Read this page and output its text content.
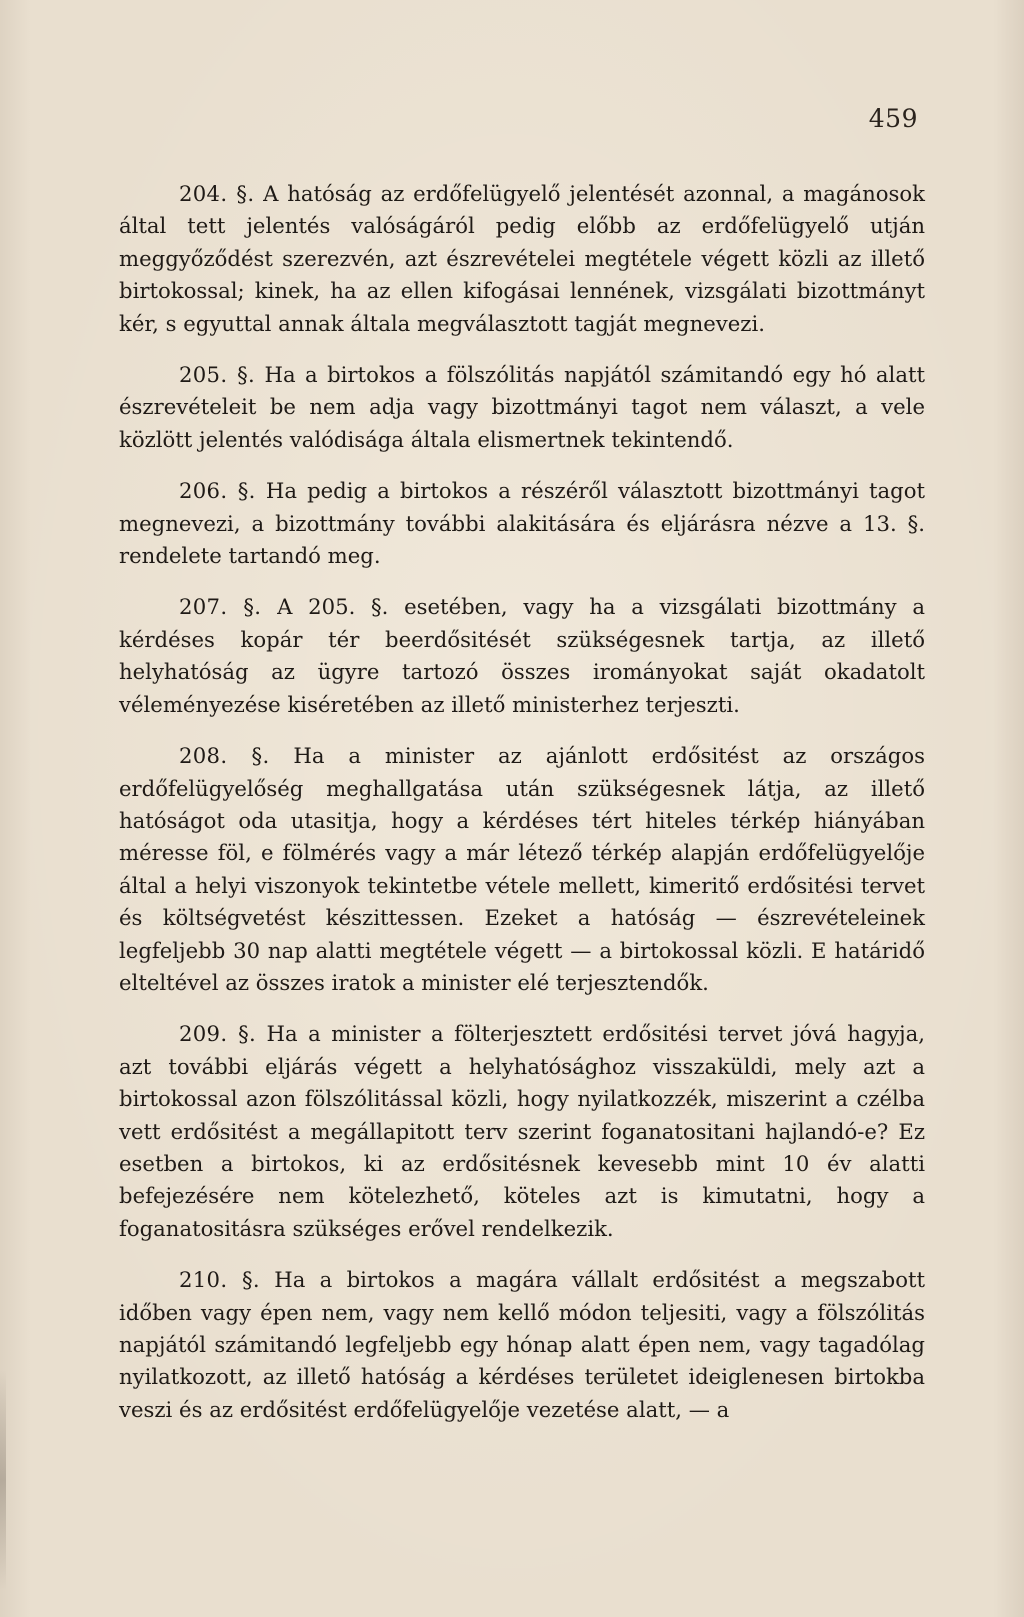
459

204. §. A hatóság az erdőfelügyelő jelentését azonnal, a magánosok által tett jelentés valóságáról pedig előbb az erdőfelügyelő utján meggyőződést szerezvén, azt észrevételei megtétele végett közli az illető birtokossal; kinek, ha az ellen kifogásai lennének, vizsgálati bizottmányt kér, s egyuttal annak általa megválasztott tagját megnevezi.

205. §. Ha a birtokos a fölszólitás napjától számitandó egy hó alatt észrevételeit be nem adja vagy bizottmányi tagot nem választ, a vele közlött jelentés valódisága általa elismertnek tekintendő.

206. §. Ha pedig a birtokos a részéről választott bizottmányi tagot megnevezi, a bizottmány további alakitására és eljárásra nézve a 13. §. rendelete tartandó meg.

207. §. A 205. §. esetében, vagy ha a vizsgálati bizottmány a kérdéses kopár tér beerdősitését szükségesnek tartja, az illető helyhatóság az ügyre tartozó összes irományokat saját okadatolt véleményezése kiséretében az illető ministerhez terjeszti.

208. §. Ha a minister az ajánlott erdősitést az országos erdőfelügyelőség meghallgatása után szükségesnek látja, az illető hatóságot oda utasitja, hogy a kérdéses tért hiteles térkép hiányában méresse föl, e fölmérés vagy a már létező térkép alapján erdőfelügyelője által a helyi viszonyok tekintetbe vétele mellett, kimeritő erdősitési tervet és költségvetést készittessen. Ezeket a hatóság — észrevételeinek legfeljebb 30 nap alatti megtétele végett — a birtokossal közli. E határidő elteltével az összes iratok a minister elé terjesztendők.

209. §. Ha a minister a fölterjesztett erdősitési tervet jóvá hagyja, azt további eljárás végett a helyhatósághoz visszaküldi, mely azt a birtokossal azon fölszólitással közli, hogy nyilatkozzék, miszerint a czélba vett erdősitést a megállapitott terv szerint foganatositani hajlandó-e? Ez esetben a birtokos, ki az erdősitésnek kevesebb mint 10 év alatti befejezésére nem kötelezhető, köteles azt is kimutatni, hogy a foganatositásra szükséges erővel rendelkezik.

210. §. Ha a birtokos a magára vállalt erdősitést a megszabott időben vagy épen nem, vagy nem kellő módon teljesiti, vagy a fölszólitás napjától számitandó legfeljebb egy hónap alatt épen nem, vagy tagadólag nyilatkozott, az illető hatóság a kérdéses területet ideiglenesen birtokba veszi és az erdősitést erdőfelügyelője vezetése alatt, — a
